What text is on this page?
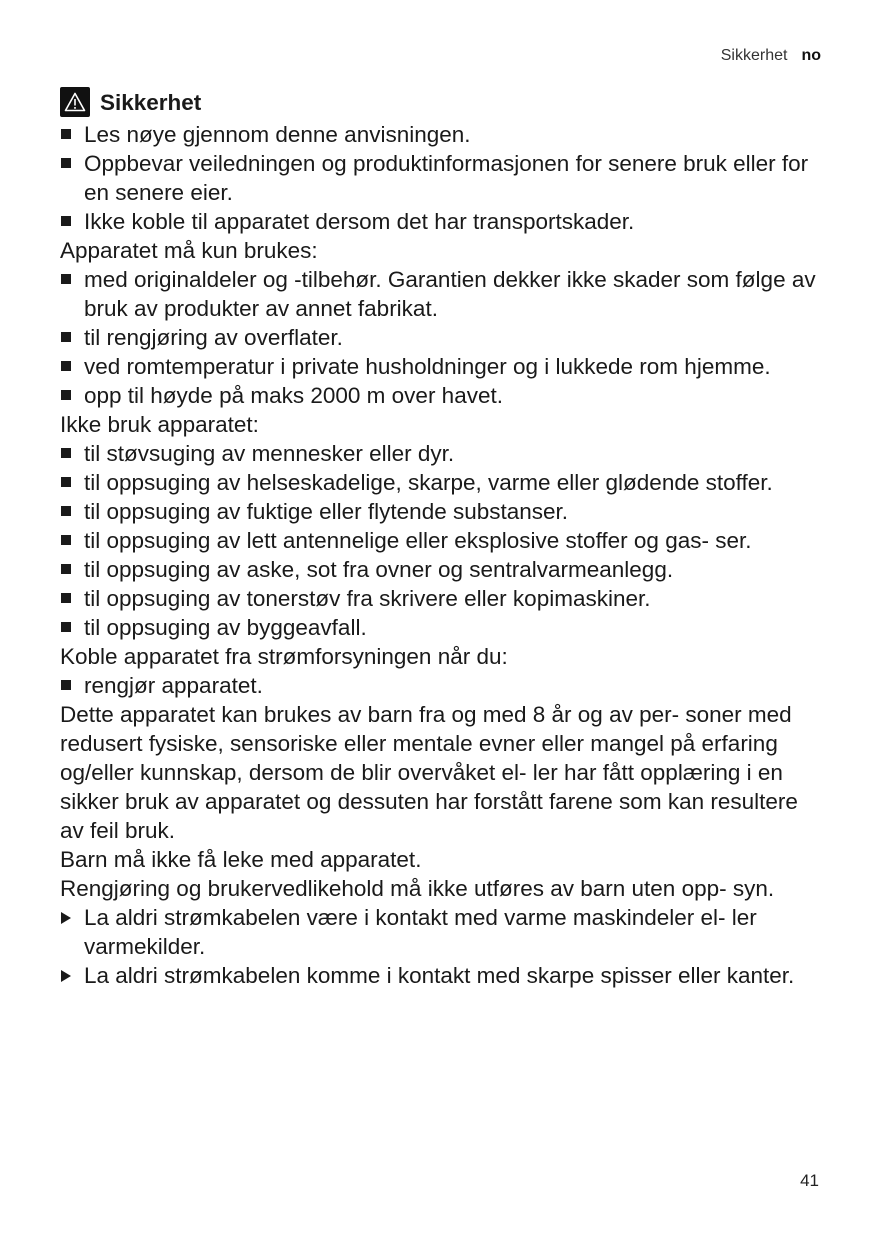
Sikkerhet no
Sikkerhet
Les nøye gjennom denne anvisningen.
Oppbevar veiledningen og produktinformasjonen for senere bruk eller for en senere eier.
Ikke koble til apparatet dersom det har transportskader.
Apparatet må kun brukes:
med originaldeler og -tilbehør. Garantien dekker ikke skader som følge av bruk av produkter av annet fabrikat.
til rengjøring av overflater.
ved romtemperatur i private husholdninger og i lukkede rom hjemme.
opp til høyde på maks 2000 m over havet.
Ikke bruk apparatet:
til støvsuging av mennesker eller dyr.
til oppsuging av helseskadelige, skarpe, varme eller glødende stoffer.
til oppsuging av fuktige eller flytende substanser.
til oppsuging av lett antennelige eller eksplosive stoffer og gas- ser.
til oppsuging av aske, sot fra ovner og sentralvarmeanlegg.
til oppsuging av tonerstøv fra skrivere eller kopimaskiner.
til oppsuging av byggeavfall.
Koble apparatet fra strømforsyningen når du:
rengjør apparatet.
Dette apparatet kan brukes av barn fra og med 8 år og av per- soner med redusert fysiske, sensoriske eller mentale evner eller mangel på erfaring og/eller kunnskap, dersom de blir overvåket el- ler har fått opplæring i en sikker bruk av apparatet og dessuten har forstått farene som kan resultere av feil bruk.
Barn må ikke få leke med apparatet.
Rengjøring og brukervedlikehold må ikke utføres av barn uten opp- syn.
La aldri strømkabelen være i kontakt med varme maskindeler el- ler varmekilder.
La aldri strømkabelen komme i kontakt med skarpe spisser eller kanter.
41
